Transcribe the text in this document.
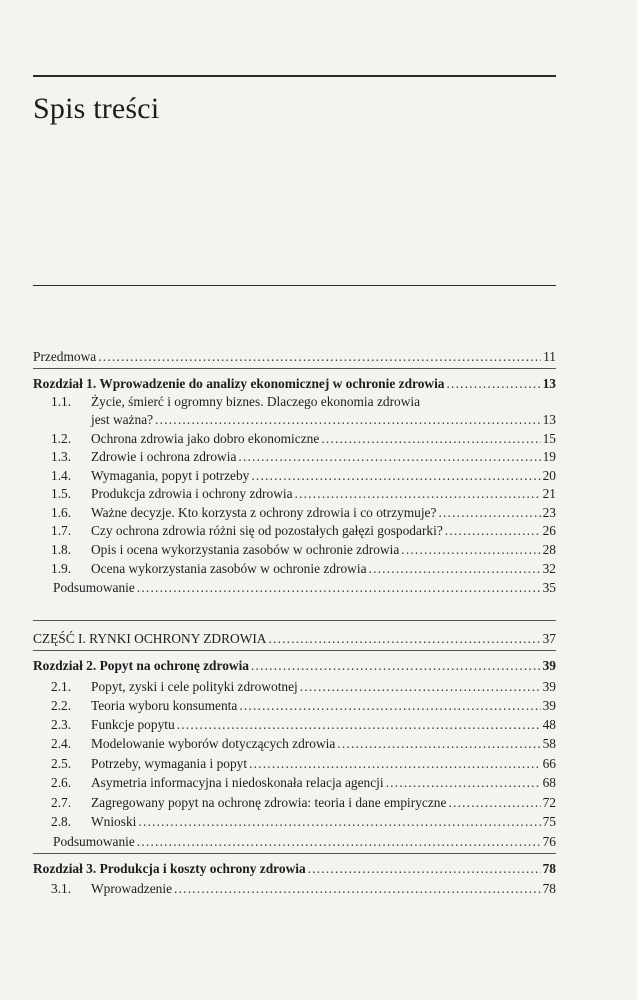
Spis treści
Przedmowa .....	11
Rozdział 1. Wprowadzenie do analizy ekonomicznej w ochronie zdrowia .....	13
1.1.	Życie, śmierć i ogromny biznes. Dlaczego ekonomia zdrowia
jest ważna? .....	13
1.2.	Ochrona zdrowia jako dobro ekonomiczne .....	15
1.3.	Zdrowie i ochrona zdrowia .....	19
1.4.	Wymagania, popyt i potrzeby .....	20
1.5.	Produkcja zdrowia i ochrony zdrowia .....	21
1.6.	Ważne decyzje. Kto korzysta z ochrony zdrowia i co otrzymuje? .....	23
1.7.	Czy ochrona zdrowia różni się od pozostałych gałęzi gospodarki? .....	26
1.8.	Opis i ocena wykorzystania zasobów w ochronie zdrowia .....	28
1.9.	Ocena wykorzystania zasobów w ochronie zdrowia .....	32
Podsumowanie .....	35
CZĘŚĆ I. RYNKI OCHRONY ZDROWIA .....	37
Rozdział 2. Popyt na ochronę zdrowia .....	39
2.1.	Popyt, zyski i cele polityki zdrowotnej .....	39
2.2.	Teoria wyboru konsumenta .....	39
2.3.	Funkcje popytu .....	48
2.4.	Modelowanie wyborów dotyczących zdrowia .....	58
2.5.	Potrzeby, wymagania i popyt .....	66
2.6.	Asymetria informacyjna i niedoskonała relacja agencji .....	68
2.7.	Zagregowany popyt na ochronę zdrowia: teoria i dane empiryczne .....	72
2.8.	Wnioski .....	75
Podsumowanie .....	76
Rozdział 3. Produkcja i koszty ochrony zdrowia .....	78
3.1.	Wprowadzenie .....	78
